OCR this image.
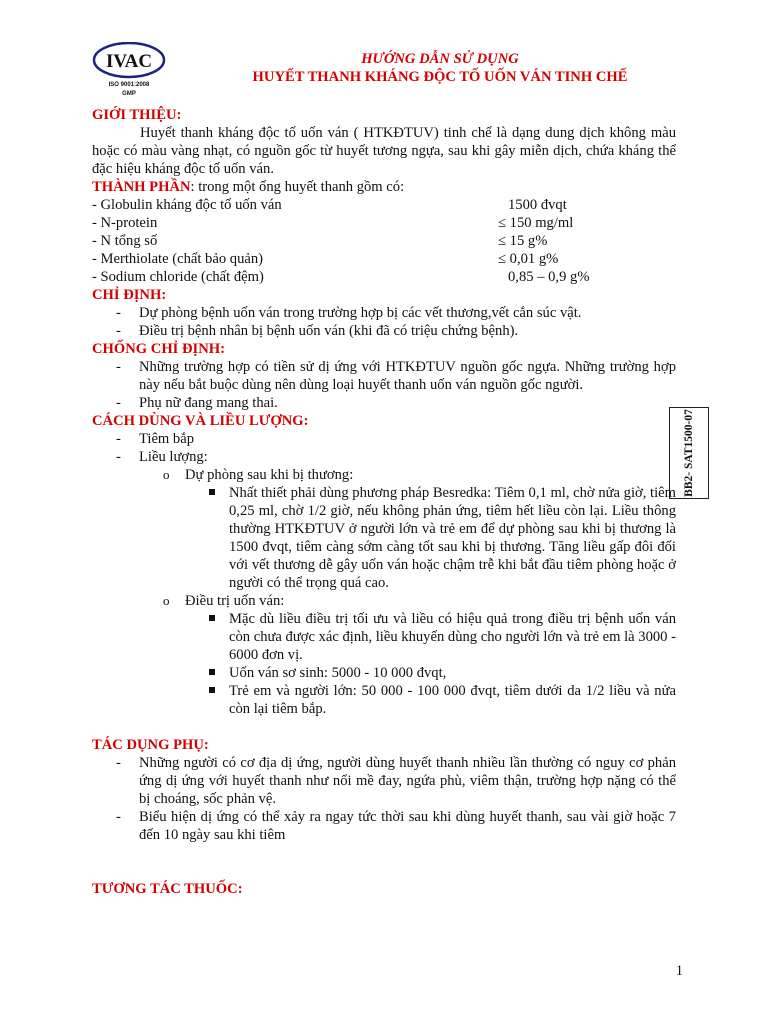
IVAC
ISO 9001:2008
GMP
HƯỚNG DẪN SỬ DỤNG
HUYẾT THANH KHÁNG ĐỘC TỐ UỐN VÁN TINH CHẾ
BB2- SAT1500-07
GIỚI THIỆU:

Huyết thanh kháng độc tố uốn ván ( HTKĐTUV) tinh chế là dạng dung dịch không màu hoặc có màu vàng nhạt, có nguồn gốc từ huyết tương ngựa, sau khi gây miễn dịch, chứa kháng thể đặc hiệu kháng độc tố uốn ván.

THÀNH PHẦN: trong một ống huyết thanh gồm có:
- Globulin kháng độc tố uốn ván	1500 đvqt
- N-protein	≤ 150 mg/ml
- N tổng số	≤ 15 g%
- Merthiolate (chất bảo quản)	≤ 0,01 g%
- Sodium chloride (chất đệm)	0,85 – 0,9 g%
CHỈ ĐỊNH:
- Dự phòng bệnh uốn ván trong trường hợp bị các vết thương,vết cắn súc vật.
- Điều trị bệnh nhân bị bệnh uốn ván (khi đã có triệu chứng bệnh).
CHỐNG CHỈ ĐỊNH:
- Những trường hợp có tiền sử dị ứng với HTKĐTUV nguồn gốc ngựa. Những trường hợp này nếu bắt buộc dùng nên dùng loại huyết thanh uốn ván nguồn gốc người.
- Phụ nữ đang mang thai.
CÁCH DÙNG VÀ LIỀU LƯỢNG:
- Tiêm bắp
- Liều lượng:
o Dự phòng sau khi bị thương:
Nhất thiết phải dùng phương pháp Besredka: Tiêm 0,1 ml, chờ nửa giờ, tiêm 0,25 ml, chờ 1/2 giờ, nếu không phản ứng, tiêm hết liều còn lại. Liều thông thường HTKĐTUV ở người lớn và trẻ em để dự phòng sau khi bị thương là 1500 đvqt, tiêm càng sớm càng tốt sau khi bị thương. Tăng liều gấp đôi đối với vết thương dễ gây uốn ván hoặc chậm trễ khi bắt đầu tiêm phòng hoặc ở người có thể trọng quá cao.
o Điều trị uốn ván:
Mặc dù liều điều trị tối ưu và liều có hiệu quả trong điều trị bệnh uốn ván còn chưa được xác định, liều khuyến dùng cho người lớn và trẻ em là 3000 - 6000 đơn vị.
Uốn ván sơ sinh: 5000 - 10 000 đvqt,
Trẻ em và người lớn: 50 000 - 100 000 đvqt, tiêm dưới da 1/2 liều và nửa còn lại tiêm bắp.
TÁC DỤNG PHỤ:
- Những người có cơ địa dị ứng, người dùng huyết thanh nhiều lần thường có nguy cơ phản ứng dị ứng với huyết thanh như nổi mề đay, ngứa phù, viêm thận, trường hợp nặng có thể bị choáng, sốc phản vệ.
- Biểu hiện dị ứng có thể xảy ra ngay tức thời sau khi dùng huyết thanh, sau vài giờ hoặc 7 đến 10 ngày sau khi tiêm
TƯƠNG TÁC THUỐC:
1
